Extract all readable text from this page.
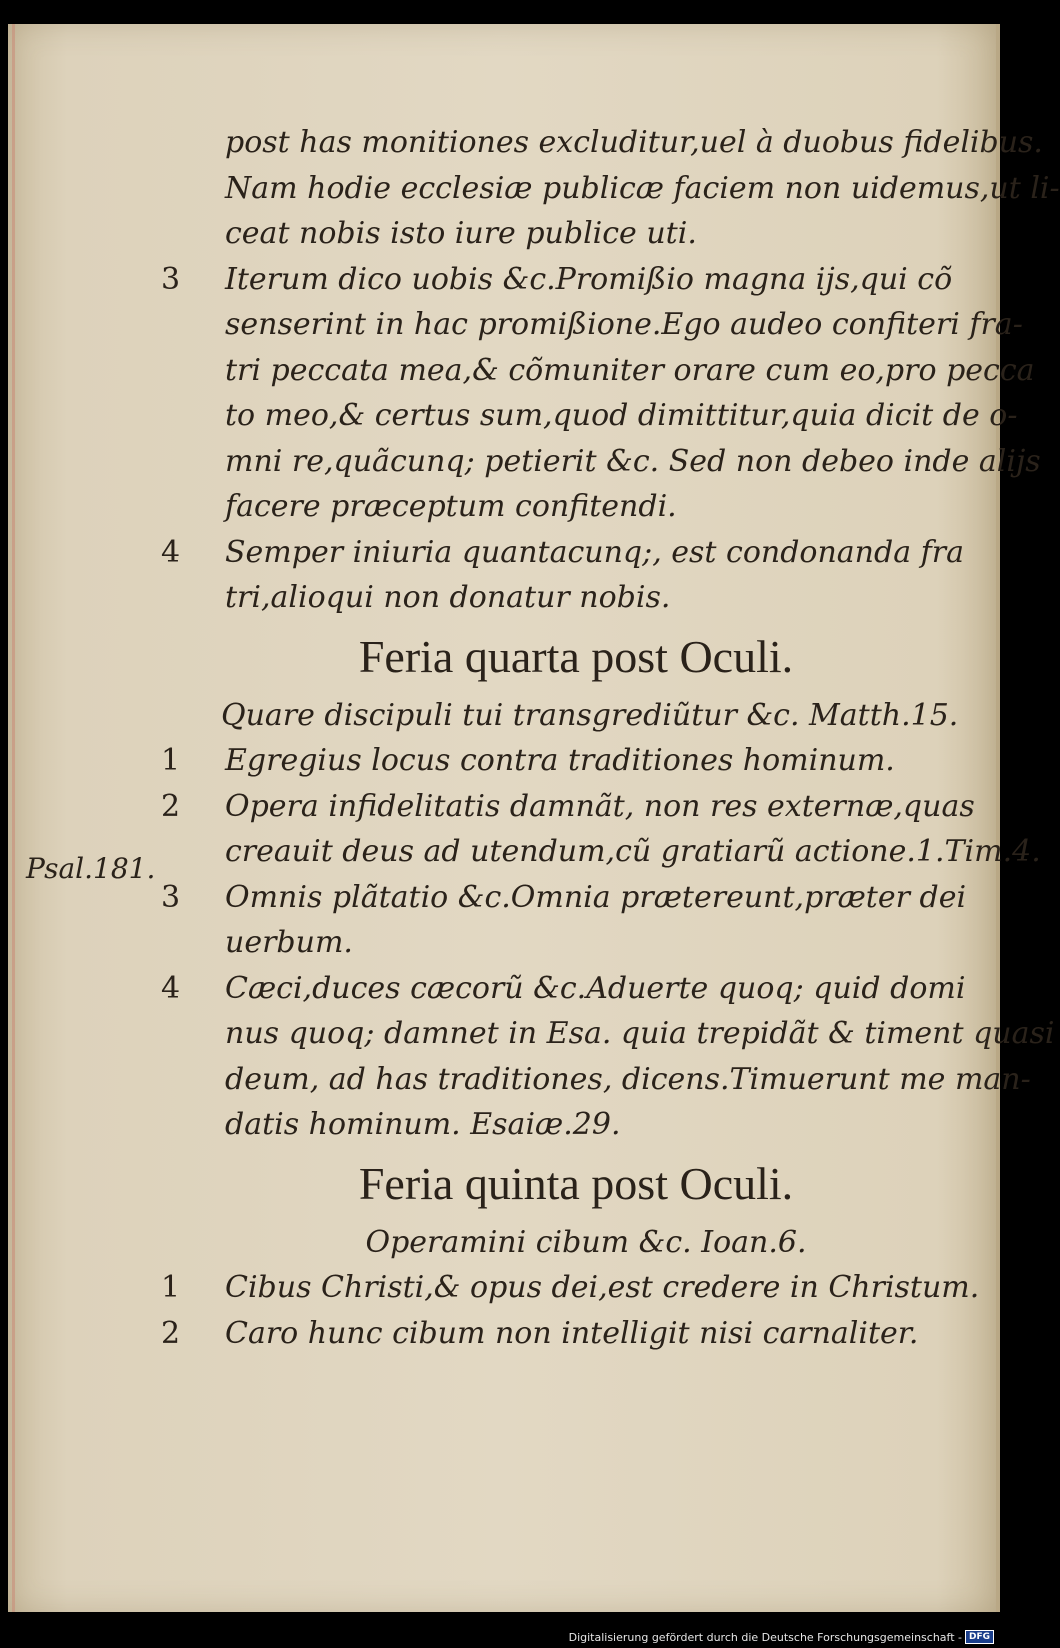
Psal.181.
post has monitiones excluditur,uel à duobus fidelibus.
Nam hodie ecclesiæ publicæ faciem non uidemus,ut li-
ceat nobis isto iure publice uti.
3 Iterum dico uobis &c.Promißio magna ijs,qui cõ
senserint in hac promißione.Ego audeo confiteri fra-
tri peccata mea,& cõmuniter orare cum eo,pro pecca
to meo,& certus sum,quod dimittitur,quia dicit de o-
mni re,quãcunq; petierit &c. Sed non debeo inde alijs
facere præceptum confitendi.
4 Semper iniuria quantacunq;, est condonanda fra
tri,alioqui non donatur nobis.
Feria quarta post Oculi.
Quare discipuli tui transgrediũtur &c. Matth.15.
1 Egregius locus contra traditiones hominum.
2 Opera infidelitatis damnãt, non res externæ,quas
creauit deus ad utendum,cũ gratiarũ actione.1.Tim.4.
3 Omnis plãtatio &c.Omnia prætereunt,præter dei
uerbum.
4 Cæci,duces cæcorũ &c.Aduerte quoq; quid domi
nus quoq; damnet in Esa. quia trepidãt & timent quasi
deum, ad has traditiones, dicens.Timuerunt me man-
datis hominum. Esaiæ.29.
Feria quinta post Oculi.
Operamini cibum &c. Ioan.6.
1 Cibus Christi,& opus dei,est credere in Christum.
2 Caro hunc cibum non intelligit nisi carnaliter.
Digitalisierung gefördert durch die Deutsche Forschungsgemeinschaft - DFG
